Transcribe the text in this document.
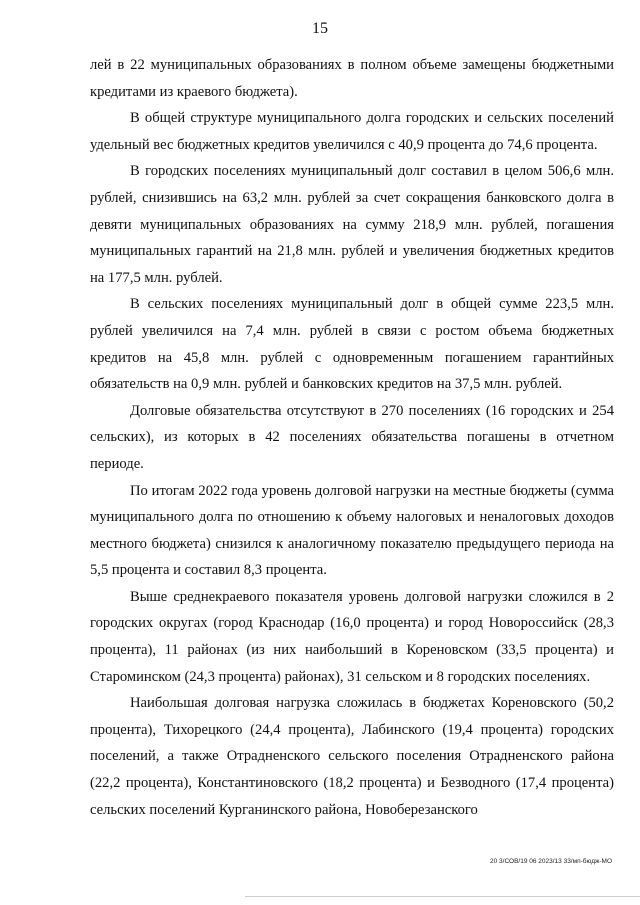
15

лей в 22 муниципальных образованиях в полном объеме замещены бюджетными кредитами из краевого бюджета).

В общей структуре муниципального долга городских и сельских поселений удельный вес бюджетных кредитов увеличился с 40,9 процента до 74,6 процента.

В городских поселениях муниципальный долг составил в целом 506,6 млн. рублей, снизившись на 63,2 млн. рублей за счет сокращения банковского долга в девяти муниципальных образованиях на сумму 218,9 млн. рублей, погашения муниципальных гарантий на 21,8 млн. рублей и увеличения бюджетных кредитов на 177,5 млн. рублей.

В сельских поселениях муниципальный долг в общей сумме 223,5 млн. рублей увеличился на 7,4 млн. рублей в связи с ростом объема бюджетных кредитов на 45,8 млн. рублей с одновременным погашением гарантийных обязательств на 0,9 млн. рублей и банковских кредитов на 37,5 млн. рублей.

Долговые обязательства отсутствуют в 270 поселениях (16 городских и 254 сельских), из которых в 42 поселениях обязательства погашены в отчетном периоде.

По итогам 2022 года уровень долговой нагрузки на местные бюджеты (сумма муниципального долга по отношению к объему налоговых и неналоговых доходов местного бюджета) снизился к аналогичному показателю предыдущего периода на 5,5 процента и составил 8,3 процента.

Выше среднекраевого показателя уровень долговой нагрузки сложился в 2 городских округах (город Краснодар (16,0 процента) и город Новороссийск (28,3 процента), 11 районах (из них наибольший в Кореновском (33,5 процента) и Староминском (24,3 процента) районах), 31 сельском и 8 городских поселениях.

Наибольшая долговая нагрузка сложилась в бюджетах Кореновского (50,2 процента), Тихорецкого (24,4 процента), Лабинского (19,4 процента) городских поселений, а также Отрадненского сельского поселения Отрадненского района (22,2 процента), Константиновского (18,2 процента) и Безводного (17,4 процента) сельских поселений Курганинского района, Новоберезанского

20 3/СОВ/19 06 2023/13 33/мп-бюдж-МО
